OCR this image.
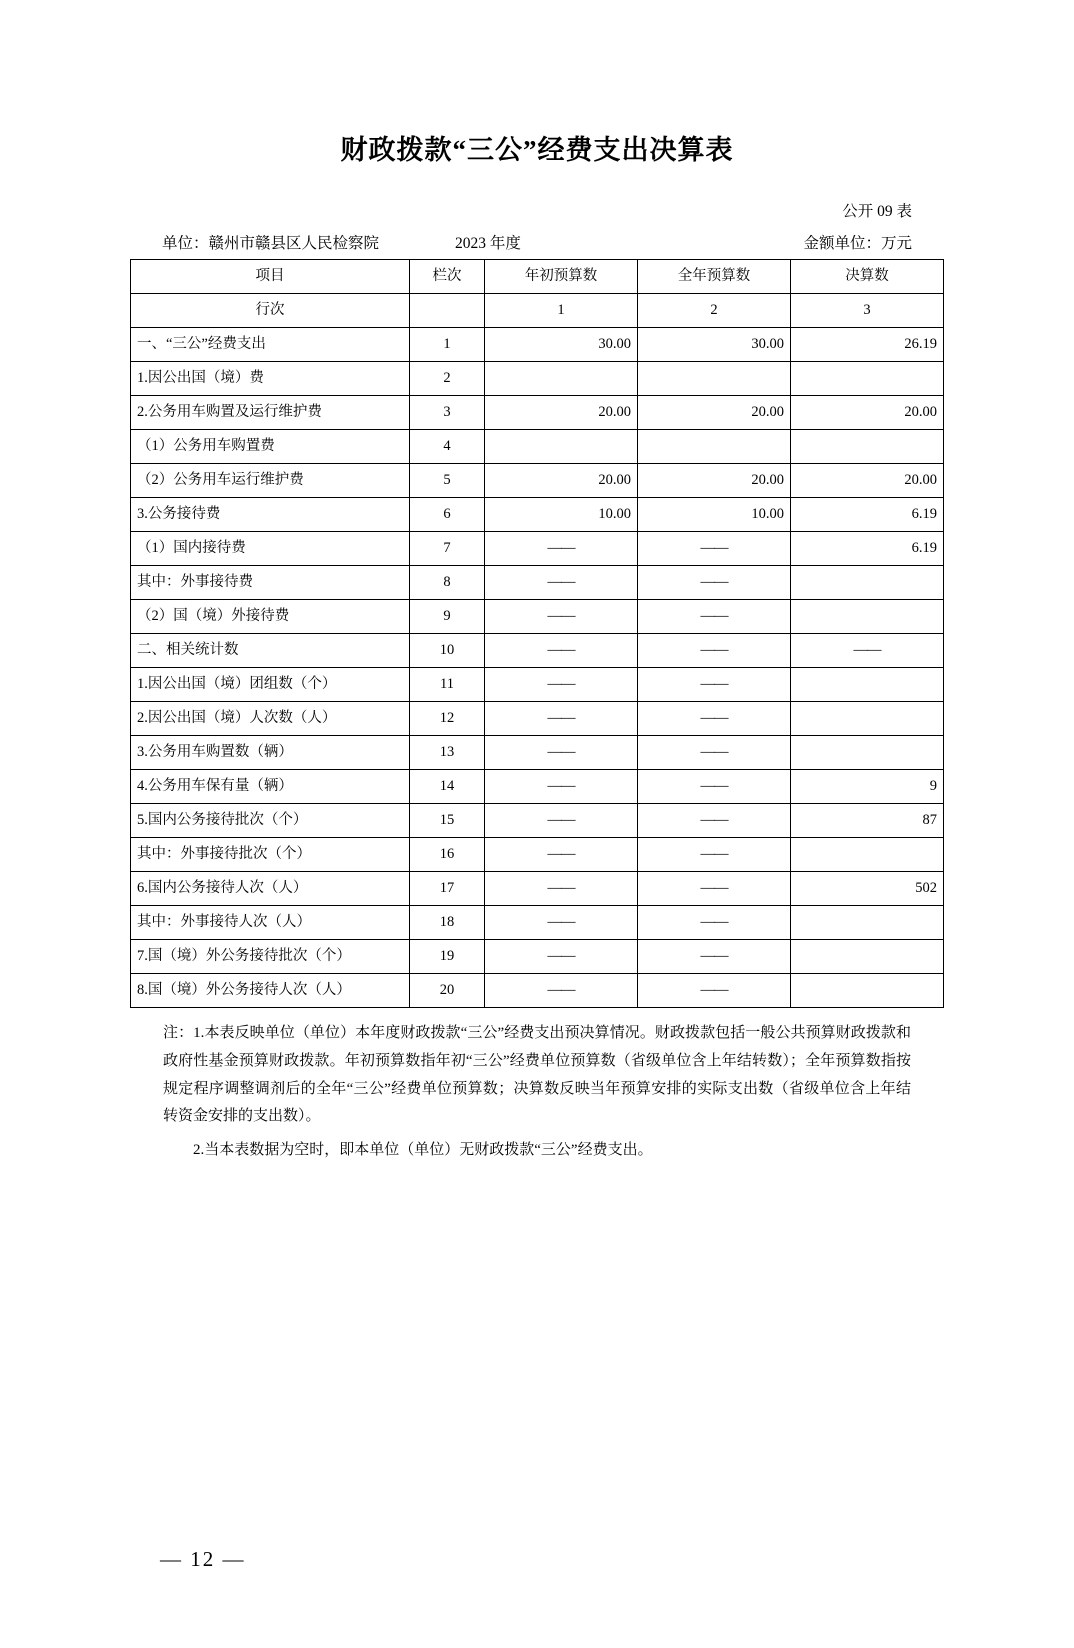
财政拨款“三公”经费支出决算表
公开 09 表
单位：赣州市赣县区人民检察院	2023 年度	金额单位：万元
项目	栏次	年初预算数	全年预算数	决算数
行次		1	2	3
一、“三公”经费支出	1	30.00	30.00	26.19
1.因公出国（境）费	2			
2.公务用车购置及运行维护费	3	20.00	20.00	20.00
（1）公务用车购置费	4			
（2）公务用车运行维护费	5	20.00	20.00	20.00
3.公务接待费	6	10.00	10.00	6.19
（1）国内接待费	7	——	——	6.19
其中：外事接待费	8	——	——	
（2）国（境）外接待费	9	——	——	
二、相关统计数	10	——	——	——
1.因公出国（境）团组数（个）	11	——	——	
2.因公出国（境）人次数（人）	12	——	——	
3.公务用车购置数（辆）	13	——	——	
4.公务用车保有量（辆）	14	——	——	9
5.国内公务接待批次（个）	15	——	——	87
其中：外事接待批次（个）	16	——	——	
6.国内公务接待人次（人）	17	——	——	502
其中：外事接待人次（人）	18	——	——	
7.国（境）外公务接待批次（个）	19	——	——	
8.国（境）外公务接待人次（人）	20	——	——	

注：1.本表反映单位（单位）本年度财政拨款“三公”经费支出预决算情况。财政拨款包括一般公共预算财政拨款和政府性基金预算财政拨款。年初预算数指年初“三公”经费单位预算数（省级单位含上年结转数）；全年预算数指按规定程序调整调剂后的全年“三公”经费单位预算数；决算数反映当年预算安排的实际支出数（省级单位含上年结转资金安排的支出数）。

2.当本表数据为空时，即本单位（单位）无财政拨款“三公”经费支出。

— 12 —
